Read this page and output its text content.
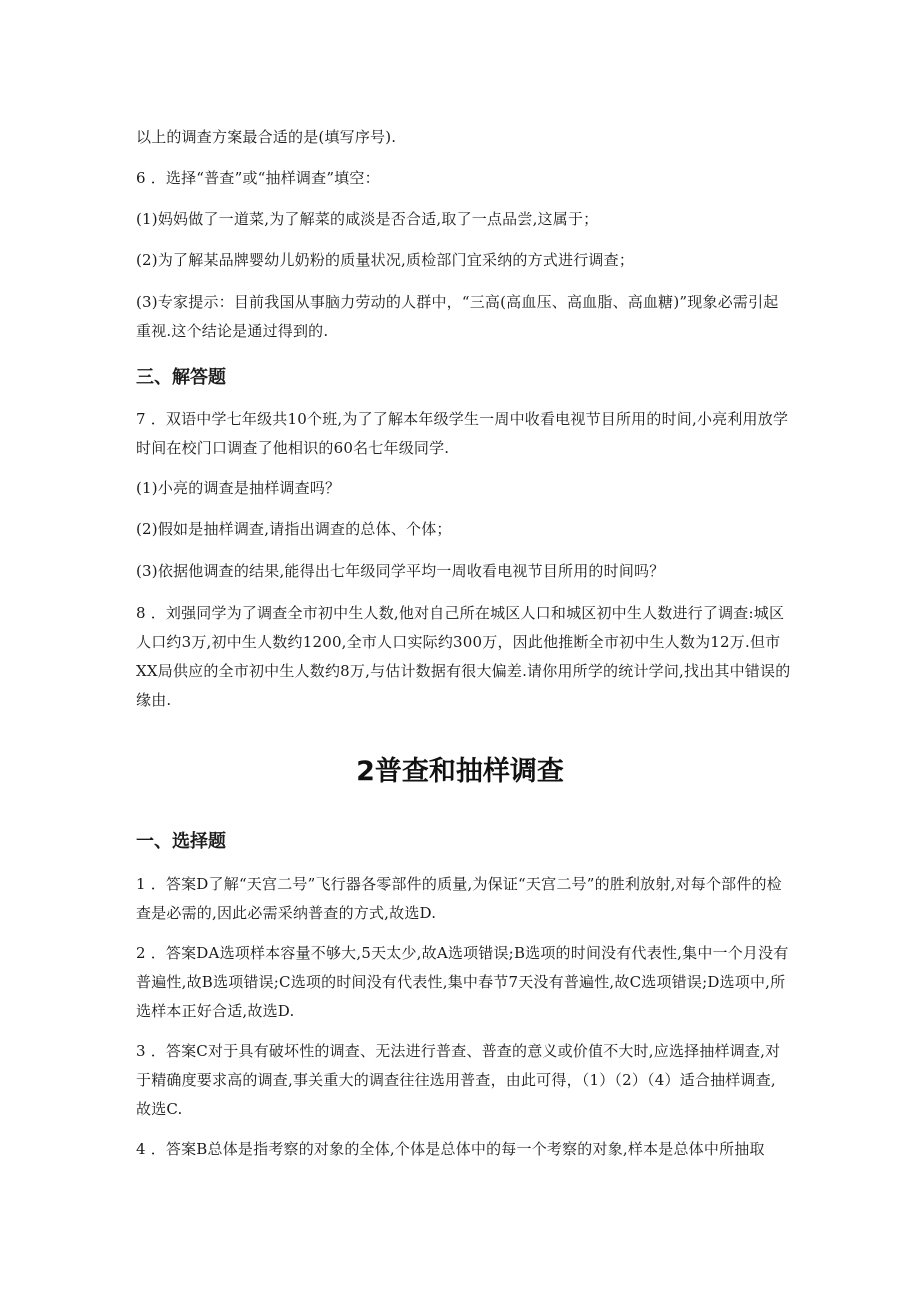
以上的调查方案最合适的是(填写序号).

6 ．选择“普查”或“抽样调查”填空：

(1)妈妈做了一道菜,为了解菜的咸淡是否合适,取了一点品尝,这属于；

(2)为了解某品牌婴幼儿奶粉的质量状况,质检部门宜采纳的方式进行调查；

(3)专家提示：目前我国从事脑力劳动的人群中，“三高(高血压、高血脂、高血糖)”现象必需引起重视.这个结论是通过得到的.

三、解答题

7 ．双语中学七年级共10个班,为了了解本年级学生一周中收看电视节目所用的时间,小亮利用放学时间在校门口调查了他相识的60名七年级同学.

(1)小亮的调查是抽样调查吗？

(2)假如是抽样调查,请指出调查的总体、个体；

(3)依据他调查的结果,能得出七年级同学平均一周收看电视节目所用的时间吗？

8 ．刘强同学为了调查全市初中生人数,他对自己所在城区人口和城区初中生人数进行了调查:城区人口约3万,初中生人数约1200,全市人口实际约300万，因此他推断全市初中生人数为12万.但市XX局供应的全市初中生人数约8万,与估计数据有很大偏差.请你用所学的统计学问,找出其中错误的缘由.

2普查和抽样调查
一、选择题

1 ．答案D了解“天宫二号”飞行器各零部件的质量,为保证“天宫二号”的胜利放射,对每个部件的检查是必需的,因此必需采纳普查的方式,故选D.

2 ．答案DA选项样本容量不够大,5天太少,故A选项错误;B选项的时间没有代表性,集中一个月没有普遍性,故B选项错误;C选项的时间没有代表性,集中春节7天没有普遍性,故C选项错误;D选项中,所选样本正好合适,故选D.

3 ．答案C对于具有破坏性的调查、无法进行普查、普查的意义或价值不大时,应选择抽样调查,对于精确度要求高的调查,事关重大的调查往往选用普查，由此可得，（1）（2）（4）适合抽样调查,故选C.

4 ．答案B总体是指考察的对象的全体,个体是总体中的每一个考察的对象,样本是总体中所抽取
